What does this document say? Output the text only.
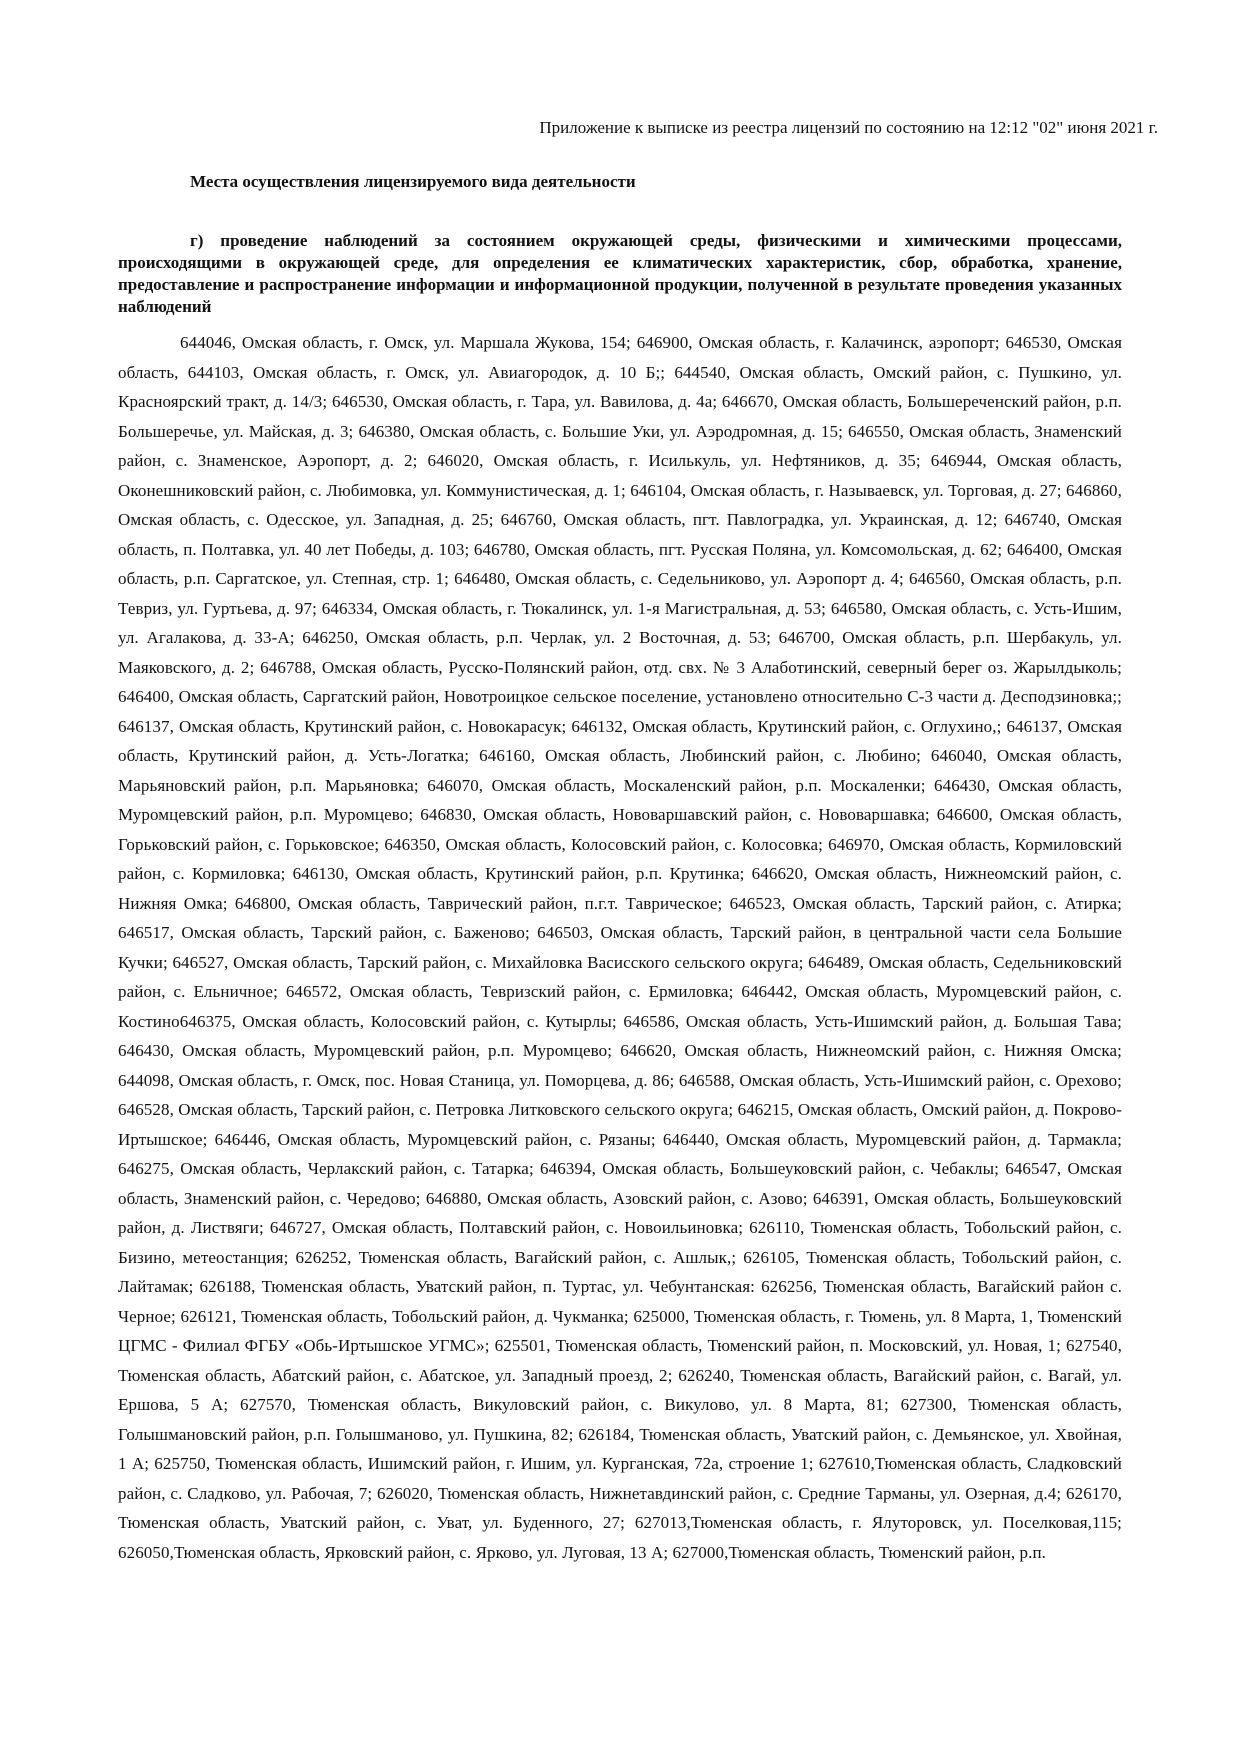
Приложение к выписке из реестра лицензий по состоянию на 12:12 "02" июня 2021 г.
Места осуществления лицензируемого вида деятельности

г) проведение наблюдений за состоянием окружающей среды, физическими и химическими процессами, происходящими в окружающей среде, для определения ее климатических характеристик, сбор, обработка, хранение, предоставление и распространение информации и информационной продукции, полученной в результате проведения указанных наблюдений

644046, Омская область, г. Омск, ул. Маршала Жукова, 154; 646900, Омская область, г. Калачинск, аэропорт; 646530, Омская область, 644103, Омская область, г. Омск, ул. Авиагородок, д. 10 Б;; 644540, Омская область, Омский район, с. Пушкино, ул. Красноярский тракт, д. 14/3; 646530, Омская область, г. Тара, ул. Вавилова, д. 4а; 646670, Омская область, Большереченский район, р.п. Большеречье, ул. Майская, д. 3; 646380, Омская область, с. Большие Уки, ул. Аэродромная, д. 15; 646550, Омская область, Знаменский район, с. Знаменское, Аэропорт, д. 2; 646020, Омская область, г. Исилькуль, ул. Нефтяников, д. 35; 646944, Омская область, Оконешниковский район, с. Любимовка, ул. Коммунистическая, д. 1; 646104, Омская область, г. Называевск, ул. Торговая, д. 27; 646860, Омская область, с. Одесское, ул. Западная, д. 25; 646760, Омская область, пгт. Павлоградка, ул. Украинская, д. 12; 646740, Омская область, п. Полтавка, ул. 40 лет Победы, д. 103; 646780, Омская область, пгт. Русская Поляна, ул. Комсомольская, д. 62; 646400, Омская область, р.п. Саргатское, ул. Степная, стр. 1; 646480, Омская область, с. Седельниково, ул. Аэропорт д. 4; 646560, Омская область, р.п. Тевриз, ул. Гуртьева, д. 97; 646334, Омская область, г. Тюкалинск, ул. 1-я Магистральная, д. 53; 646580, Омская область, с. Усть-Ишим, ул. Агалакова, д. 33-А; 646250, Омская область, р.п. Черлак, ул. 2 Восточная, д. 53; 646700, Омская область, р.п. Шербакуль, ул. Маяковского, д. 2; 646788, Омская область, Русско-Полянский район, отд. свх. № 3 Алаботинский, северный берег оз. Жарылдыколь; 646400, Омская область, Саргатский район, Новотроицкое сельское поселение, установлено относительно С-3 части д. Десподзиновка;; 646137, Омская область, Крутинский район, с. Новокарасук; 646132, Омская область, Крутинский район, с. Оглухино,; 646137, Омская область, Крутинский район, д. Усть-Логатка; 646160, Омская область, Любинский район, с. Любино; 646040, Омская область, Марьяновский район, р.п. Марьяновка; 646070, Омская область, Москаленский район, р.п. Москаленки; 646430, Омская область, Муромцевский район, р.п. Муромцево; 646830, Омская область, Нововаршавский район, с. Нововаршавка; 646600, Омская область, Горьковский район, с. Горьковское; 646350, Омская область, Колосовский район, с. Колосовка; 646970, Омская область, Кормиловский район, с. Кормиловка; 646130, Омская область, Крутинский район, р.п. Крутинка; 646620, Омская область, Нижнеомский район, с. Нижняя Омка; 646800, Омская область, Таврический район, п.г.т. Таврическое; 646523, Омская область, Тарский район, с. Атирка; 646517, Омская область, Тарский район, с. Баженово; 646503, Омская область, Тарский район, в центральной части села Большие Кучки; 646527, Омская область, Тарский район, с. Михайловка Васисского сельского округа; 646489, Омская область, Седельниковский район, с. Ельничное; 646572, Омская область, Тевризский район, с. Ермиловка; 646442, Омская область, Муромцевский район, с. Костино646375, Омская область, Колосовский район, с. Кутырлы; 646586, Омская область, Усть-Ишимский район, д. Большая Тава; 646430, Омская область, Муромцевский район, р.п. Муромцево; 646620, Омская область, Нижнеомский район, с. Нижняя Омска; 644098, Омская область, г. Омск, пос. Новая Станица, ул. Поморцева, д. 86; 646588, Омская область, Усть-Ишимский район, с. Орехово; 646528, Омская область, Тарский район, с. Петровка Литковского сельского округа; 646215, Омская область, Омский район, д. Покрово-Иртышское; 646446, Омская область, Муромцевский район, с. Рязаны; 646440, Омская область, Муромцевский район, д. Тармакла; 646275, Омская область, Черлакский район, с. Татарка; 646394, Омская область, Большеуковский район, с. Чебаклы; 646547, Омская область, Знаменский район, с. Чередово; 646880, Омская область, Азовский район, с. Азово; 646391, Омская область, Большеуковский район, д. Листвяги; 646727, Омская область, Полтавский район, с. Новоильиновка; 626110, Тюменская область, Тобольский район, с. Бизино, метеостанция; 626252, Тюменская область, Вагайский район, с. Ашлык,; 626105, Тюменская область, Тобольский район, с. Лайтамак; 626188, Тюменская область, Уватский район, п. Туртас, ул. Чебунтанская: 626256, Тюменская область, Вагайский район с. Черное; 626121, Тюменская область, Тобольский район, д. Чукманка; 625000, Тюменская область, г. Тюмень, ул. 8 Марта, 1, Тюменский ЦГМС - Филиал ФГБУ «Обь-Иртышское УГМС»; 625501, Тюменская область, Тюменский район, п. Московский, ул. Новая, 1; 627540, Тюменская область, Абатский район, с. Абатское, ул. Западный проезд, 2; 626240, Тюменская область, Вагайский район, с. Вагай, ул. Ершова, 5 А; 627570, Тюменская область, Викуловский район, с. Викулово, ул. 8 Марта, 81; 627300, Тюменская область, Голышмановский район, р.п. Голышманово, ул. Пушкина, 82; 626184, Тюменская область, Уватский район, с. Демьянское, ул. Хвойная, 1 А; 625750, Тюменская область, Ишимский район, г. Ишим, ул. Курганская, 72а, строение 1; 627610,Тюменская область, Сладковский район, с. Сладково, ул. Рабочая, 7; 626020, Тюменская область, Нижнетавдинский район, с. Средние Тарманы, ул. Озерная, д.4; 626170, Тюменская область, Уватский район, с. Уват, ул. Буденного, 27; 627013,Тюменская область, г. Ялуторовск, ул. Поселковая,115; 626050,Тюменская область, Ярковский район, с. Ярково, ул. Луговая, 13 А; 627000,Тюменская область, Тюменский район, р.п.
